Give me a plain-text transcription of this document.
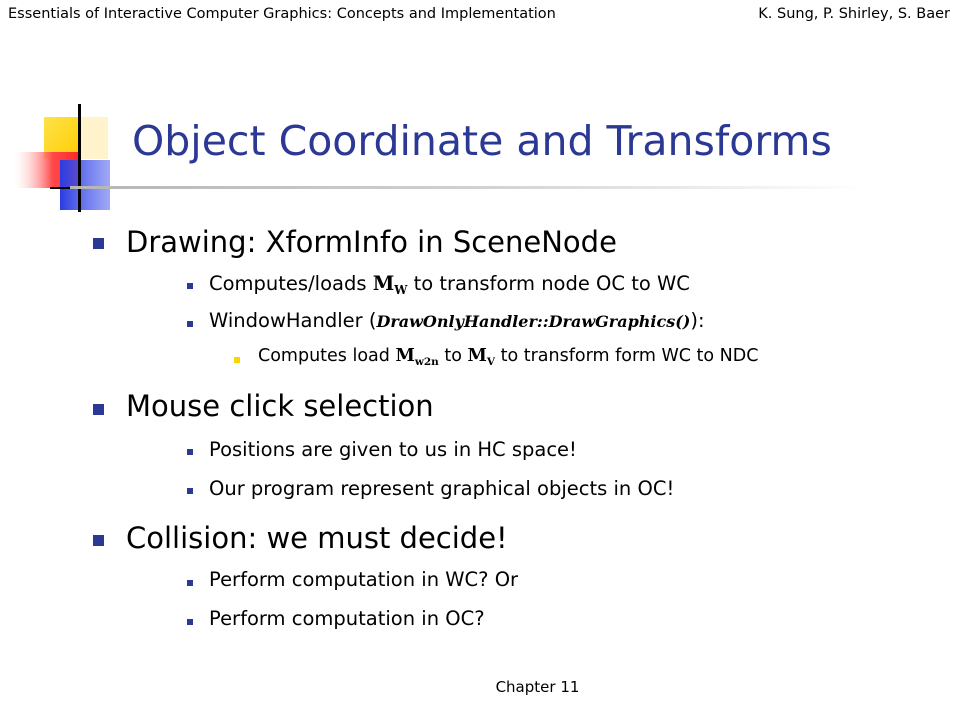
Essentials of Interactive Computer Graphics: Concepts and Implementation	K. Sung, P. Shirley, S. Baer
Object Coordinate and Transforms
Drawing: XformInfo in SceneNode
Computes/loads $M_W$ to transform node OC to WC
WindowHandler (DrawOnlyHandler::DrawGraphics()):
Computes load $M_{w2n}$ to $M_V$ to transform form WC to NDC
Mouse click selection
Positions are given to us in HC space!
Our program represent graphical objects in OC!
Collision: we must decide!
Perform computation in WC? Or
Perform computation in OC?
Chapter 11
